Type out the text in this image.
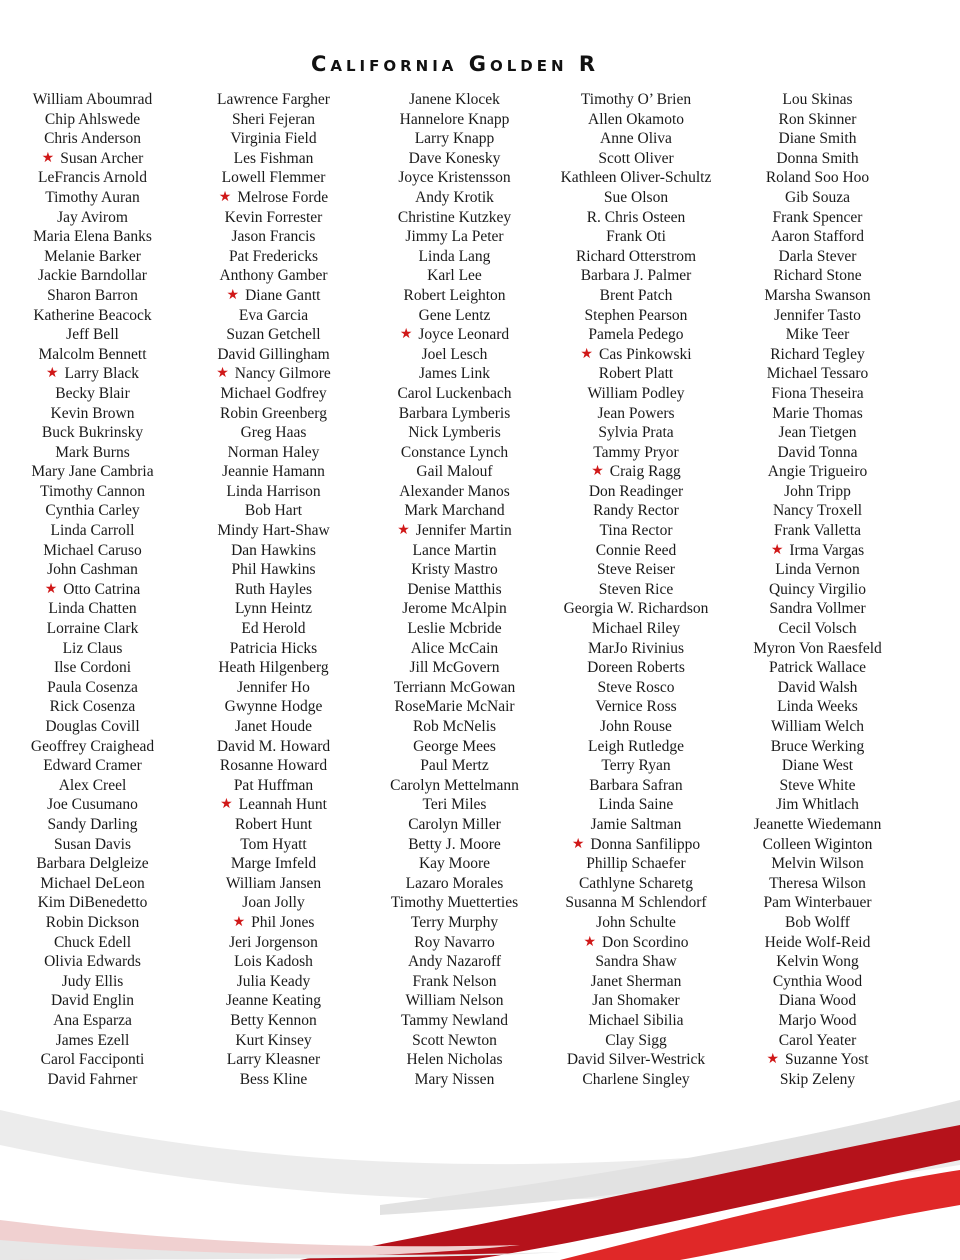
California Golden R
William Aboumrad
Chip Ahlswede
Chris Anderson
★ Susan Archer
LeFrancis Arnold
Timothy Auran
Jay Avirom
Maria Elena Banks
Melanie Barker
Jackie Barndollar
Sharon Barron
Katherine Beacock
Jeff Bell
Malcolm Bennett
★ Larry Black
Becky Blair
Kevin Brown
Buck Bukrinsky
Mark Burns
Mary Jane Cambria
Timothy Cannon
Cynthia Carley
Linda Carroll
Michael Caruso
John Cashman
★ Otto Catrina
Linda Chatten
Lorraine Clark
Liz Claus
Ilse Cordoni
Paula Cosenza
Rick Cosenza
Douglas Covill
Geoffrey Craighead
Edward Cramer
Alex Creel
Joe Cusumano
Sandy Darling
Susan Davis
Barbara Delgleize
Michael DeLeon
Kim DiBenedetto
Robin Dickson
Chuck Edell
Olivia Edwards
Judy Ellis
David Englin
Ana Esparza
James Ezell
Carol Facciponti
David Fahrner
Lawrence Fargher
Sheri Fejeran
Virginia Field
Les Fishman
Lowell Flemmer
★ Melrose Forde
Kevin Forrester
Jason Francis
Pat Fredericks
Anthony Gamber
★ Diane Gantt
Eva Garcia
Suzan Getchell
David Gillingham
★ Nancy Gilmore
Michael Godfrey
Robin Greenberg
Greg Haas
Norman Haley
Jeannie Hamann
Linda Harrison
Bob Hart
Mindy Hart-Shaw
Dan Hawkins
Phil Hawkins
Ruth Hayles
Lynn Heintz
Ed Herold
Patricia Hicks
Heath Hilgenberg
Jennifer Ho
Gwynne Hodge
Janet Houde
David M. Howard
Rosanne Howard
Pat Huffman
★ Leannah Hunt
Robert Hunt
Tom Hyatt
Marge Imfeld
William Jansen
Joan Jolly
★ Phil Jones
Jeri Jorgenson
Lois Kadosh
Julia Keady
Jeanne Keating
Betty Kennon
Kurt Kinsey
Larry Kleasner
Bess Kline
Janene Klocek
Hannelore Knapp
Larry Knapp
Dave Konesky
Joyce Kristensson
Andy Krotik
Christine Kutzkey
Jimmy La Peter
Linda Lang
Karl Lee
Robert Leighton
Gene Lentz
★ Joyce Leonard
Joel Lesch
James Link
Carol Luckenbach
Barbara Lymberis
Nick Lymberis
Constance Lynch
Gail Malouf
Alexander Manos
Mark Marchand
★ Jennifer Martin
Lance Martin
Kristy Mastro
Denise Matthis
Jerome McAlpin
Leslie Mcbride
Alice McCain
Jill McGovern
Terriann McGowan
RoseMarie McNair
Rob McNelis
George Mees
Paul Mertz
Carolyn Mettelmann
Teri Miles
Carolyn Miller
Betty J. Moore
Kay Moore
Lazaro Morales
Timothy Muetterties
Terry Murphy
Roy Navarro
Andy Nazaroff
Frank Nelson
William Nelson
Tammy Newland
Scott Newton
Helen Nicholas
Mary Nissen
Timothy O’ Brien
Allen Okamoto
Anne Oliva
Scott Oliver
Kathleen Oliver-Schultz
Sue Olson
R. Chris Osteen
Frank Oti
Richard Otterstrom
Barbara J. Palmer
Brent Patch
Stephen Pearson
Pamela Pedego
★ Cas Pinkowski
Robert Platt
William Podley
Jean Powers
Sylvia Prata
Tammy Pryor
★ Craig Ragg
Don Readinger
Randy Rector
Tina Rector
Connie Reed
Steve Reiser
Steven Rice
Georgia W. Richardson
Michael Riley
MarJo Rivinius
Doreen Roberts
Steve Rosco
Vernice Ross
John Rouse
Leigh Rutledge
Terry Ryan
Barbara Safran
Linda Saine
Jamie Saltman
★ Donna Sanfilippo
Phillip Schaefer
Cathlyne Scharetg
Susanna M Schlendorf
John Schulte
★ Don Scordino
Sandra Shaw
Janet Sherman
Jan Shomaker
Michael Sibilia
Clay Sigg
David Silver-Westrick
Charlene Singley
Lou Skinas
Ron Skinner
Diane Smith
Donna Smith
Roland Soo Hoo
Gib Souza
Frank Spencer
Aaron Stafford
Darla Stever
Richard Stone
Marsha Swanson
Jennifer Tasto
Mike Teer
Richard Tegley
Michael Tessaro
Fiona Theseira
Marie Thomas
Jean Tietgen
David Tonna
Angie Trigueiro
John Tripp
Nancy Troxell
Frank Valletta
★ Irma Vargas
Linda Vernon
Quincy Virgilio
Sandra Vollmer
Cecil Volsch
Myron Von Raesfeld
Patrick Wallace
David Walsh
Linda Weeks
William Welch
Bruce Werking
Diane West
Steve White
Jim Whitlach
Jeanette Wiedemann
Colleen Wiginton
Melvin Wilson
Theresa Wilson
Pam Winterbauer
Bob Wolff
Heide Wolf-Reid
Kelvin Wong
Cynthia Wood
Diana Wood
Marjo Wood
Carol Yeater
★ Suzanne Yost
Skip Zeleny
